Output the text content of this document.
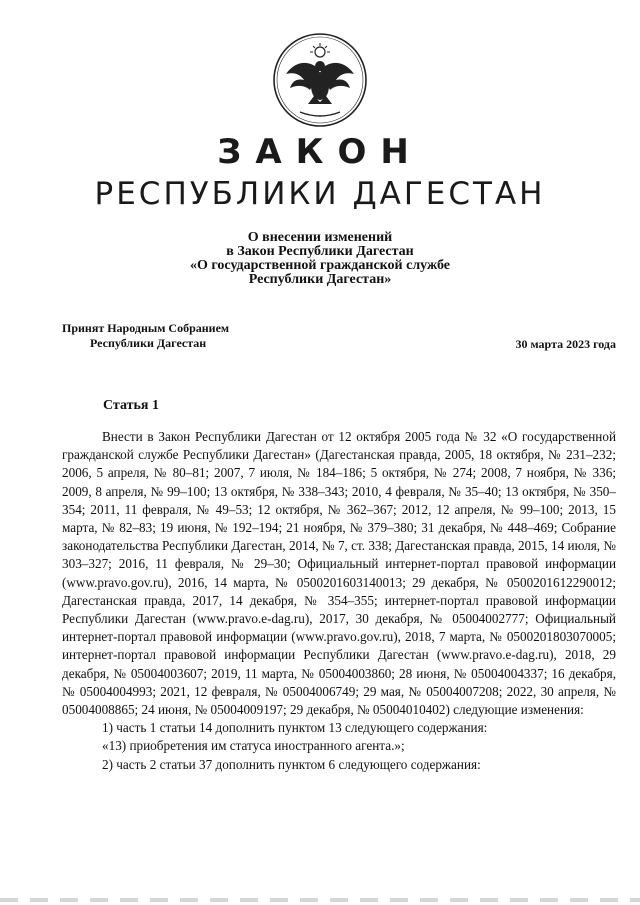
ЗАКОН
РЕСПУБЛИКИ ДАГЕСТАН
О внесении изменений
в Закон Республики Дагестан
«О государственной гражданской службе
Республики Дагестан»
Принят Народным Собранием
Республики Дагестан	30 марта 2023 года
Статья 1

Внести в Закон Республики Дагестан от 12 октября 2005 года № 32 «О государственной гражданской службе Республики Дагестан» (Дагестанская правда, 2005, 18 октября, № 231–232; 2006, 5 апреля, № 80–81; 2007, 7 июля, № 184–186; 5 октября, № 274; 2008, 7 ноября, № 336; 2009, 8 апреля, № 99–100; 13 октября, № 338–343; 2010, 4 февраля, № 35–40; 13 октября, № 350–354; 2011, 11 февраля, № 49–53; 12 октября, № 362–367; 2012, 12 апреля, № 99–100; 2013, 15 марта, № 82–83; 19 июня, № 192–194; 21 ноября, № 379–380; 31 декабря, № 448–469; Собрание законодательства Республики Дагестан, 2014, № 7, ст. 338; Дагестанская правда, 2015, 14 июля, № 303–327; 2016, 11 февраля, № 29–30; Официальный интернет-портал правовой информации (www.pravo.gov.ru), 2016, 14 марта, № 0500201603140013; 29 декабря, № 0500201612290012; Дагестанская правда, 2017, 14 декабря, № 354–355; интернет-портал правовой информации Республики Дагестан (www.pravo.e-dag.ru), 2017, 30 декабря, № 05004002777; Официальный интернет-портал правовой информации (www.pravo.gov.ru), 2018, 7 марта, № 0500201803070005; интернет-портал правовой информации Республики Дагестан (www.pravo.e-dag.ru), 2018, 29 декабря, № 05004003607; 2019, 11 марта, № 05004003860; 28 июня, № 05004004337; 16 декабря, № 05004004993; 2021, 12 февраля, № 05004006749; 29 мая, № 05004007208; 2022, 30 апреля, № 05004008865; 24 июня, № 05004009197; 29 декабря, № 05004010402) следующие изменения:

1) часть 1 статьи 14 дополнить пунктом 13 следующего содержания:

«13) приобретения им статуса иностранного агента.»;

2) часть 2 статьи 37 дополнить пунктом 6 следующего содержания:
